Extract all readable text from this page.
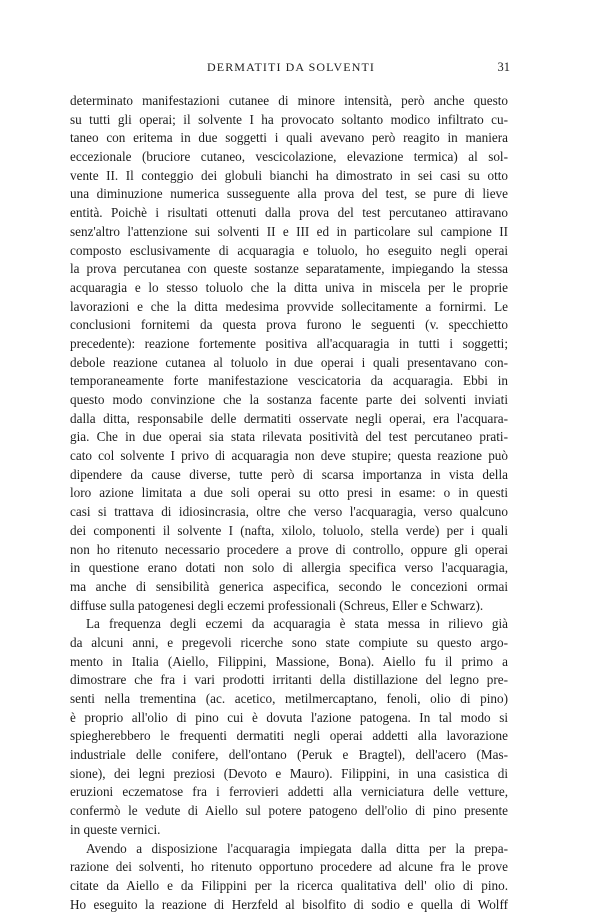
DERMATITI DA SOLVENTI	31
determinato manifestazioni cutanee di minore intensità, però anche questo
su tutti gli operai; il solvente I ha provocato soltanto modico infiltrato cu-
taneo con eritema in due soggetti i quali avevano però reagito in maniera
eccezionale (bruciore cutaneo, vescicolazione, elevazione termica) al sol-
vente II. Il conteggio dei globuli bianchi ha dimostrato in sei casi su otto
una diminuzione numerica susseguente alla prova del test, se pure di lieve
entità. Poichè i risultati ottenuti dalla prova del test percutaneo attiravano
senz'altro l'attenzione sui solventi II e III ed in particolare sul campione II
composto esclusivamente di acquaragia e toluolo, ho eseguito negli operai
la prova percutanea con queste sostanze separatamente, impiegando la stessa
acquaragia e lo stesso toluolo che la ditta univa in miscela per le proprie
lavorazioni e che la ditta medesima provvide sollecitamente a fornirmi. Le
conclusioni fornitemi da questa prova furono le seguenti (v. specchietto
precedente): reazione fortemente positiva all'acquaragia in tutti i soggetti;
debole reazione cutanea al toluolo in due operai i quali presentavano con-
temporaneamente forte manifestazione vescicatoria da acquaragia. Ebbi in
questo modo convinzione che la sostanza facente parte dei solventi inviati
dalla ditta, responsabile delle dermatiti osservate negli operai, era l'acquara-
gia. Che in due operai sia stata rilevata positività del test percutaneo prati-
cato col solvente I privo di acquaragia non deve stupire; questa reazione può
dipendere da cause diverse, tutte però di scarsa importanza in vista della
loro azione limitata a due soli operai su otto presi in esame: o in questi
casi si trattava di idiosincrasia, oltre che verso l'acquaragia, verso qualcuno
dei componenti il solvente I (nafta, xilolo, toluolo, stella verde) per i quali
non ho ritenuto necessario procedere a prove di controllo, oppure gli operai
in questione erano dotati non solo di allergia specifica verso l'acquaragia,
ma anche di sensibilità generica aspecifica, secondo le concezioni ormai
diffuse sulla patogenesi degli eczemi professionali (Schreus, Eller e Schwarz).
La frequenza degli eczemi da acquaragia è stata messa in rilievo già
da alcuni anni, e pregevoli ricerche sono state compiute su questo argo-
mento in Italia (Aiello, Filippini, Massione, Bona). Aiello fu il primo a
dimostrare che fra i vari prodotti irritanti della distillazione del legno pre-
senti nella trementina (ac. acetico, metilmercaptano, fenoli, olio di pino)
è proprio all'olio di pino cui è dovuta l'azione patogena. In tal modo si
spiegherebbero le frequenti dermatiti negli operai addetti alla lavorazione
industriale delle conifere, dell'ontano (Peruk e Bragtel), dell'acero (Mas-
sione), dei legni preziosi (Devoto e Mauro). Filippini, in una casistica di
eruzioni eczematose fra i ferrovieri addetti alla verniciatura delle vetture,
confermò le vedute di Aiello sul potere patogeno dell'olio di pino presente
in queste vernici.
Avendo a disposizione l'acquaragia impiegata dalla ditta per la prepa-
razione dei solventi, ho ritenuto opportuno procedere ad alcune fra le prove
citate da Aiello e da Filippini per la ricerca qualitativa dell' olio di pino.
Ho eseguito la reazione di Herzfeld al bisolfito di sodio e quella di Wolff
